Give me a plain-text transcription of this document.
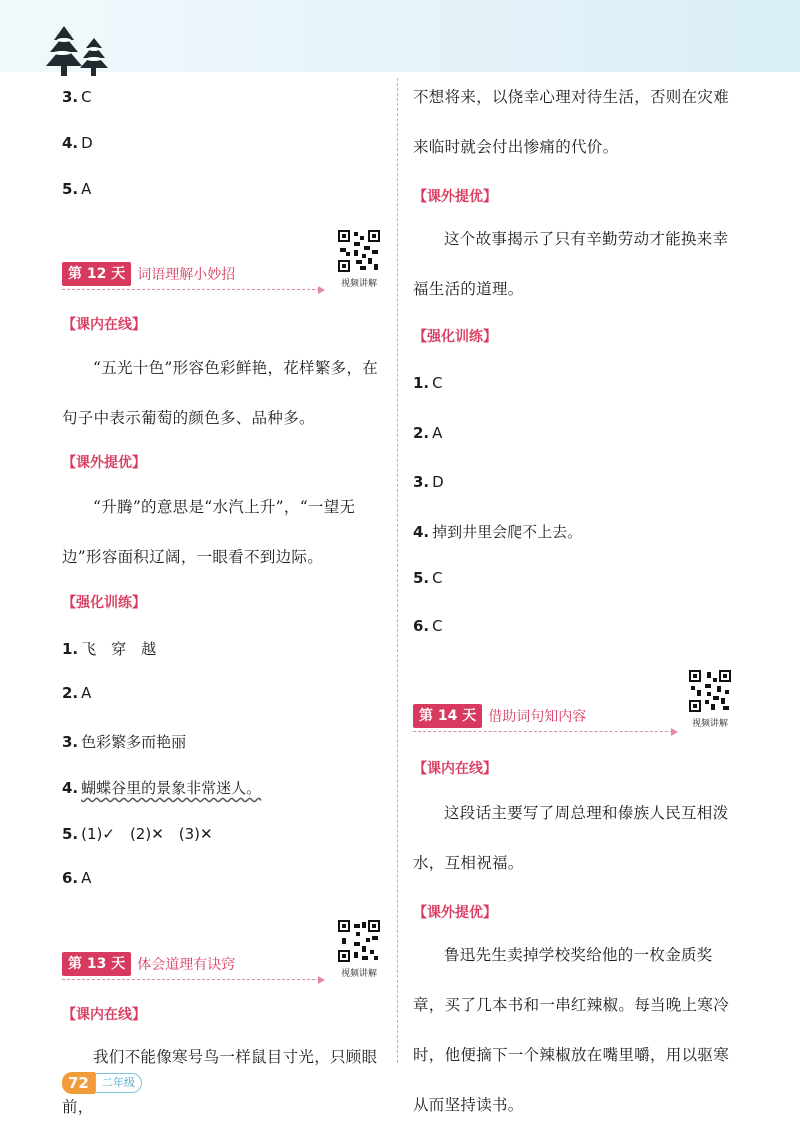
3. C
4. D
5. A
第 12 天 词语理解小妙招
视频讲解
【课内在线】
“五光十色”形容色彩鲜艳，花样繁多，在句子中表示葡萄的颜色多、品种多。
【课外提优】
“升腾”的意思是“水汽上升”，“一望无边”形容面积辽阔，一眼看不到边际。
【强化训练】
1. 飞　穿　越
2. A
3. 色彩繁多而艳丽
4. 蝴蝶谷里的景象非常迷人。
5. (1)✓　(2)✕　(3)✕
6. A
第 13 天 体会道理有诀窍
视频讲解
【课内在线】
我们不能像寒号鸟一样鼠目寸光，只顾眼前，
不想将来，以侥幸心理对待生活，否则在灾难来临时就会付出惨痛的代价。
【课外提优】
这个故事揭示了只有辛勤劳动才能换来幸福生活的道理。
【强化训练】
1. C
2. A
3. D
4. 掉到井里会爬不上去。
5. C
6. C
第 14 天 借助词句知内容	视频讲解
【课内在线】
这段话主要写了周总理和傣族人民互相泼水，互相祝福。
【课外提优】
鲁迅先生卖掉学校奖给他的一枚金质奖章，买了几本书和一串红辣椒。每当晚上寒冷时，他便摘下一个辣椒放在嘴里嚼，用以驱寒从而坚持读书。
72	二年级
